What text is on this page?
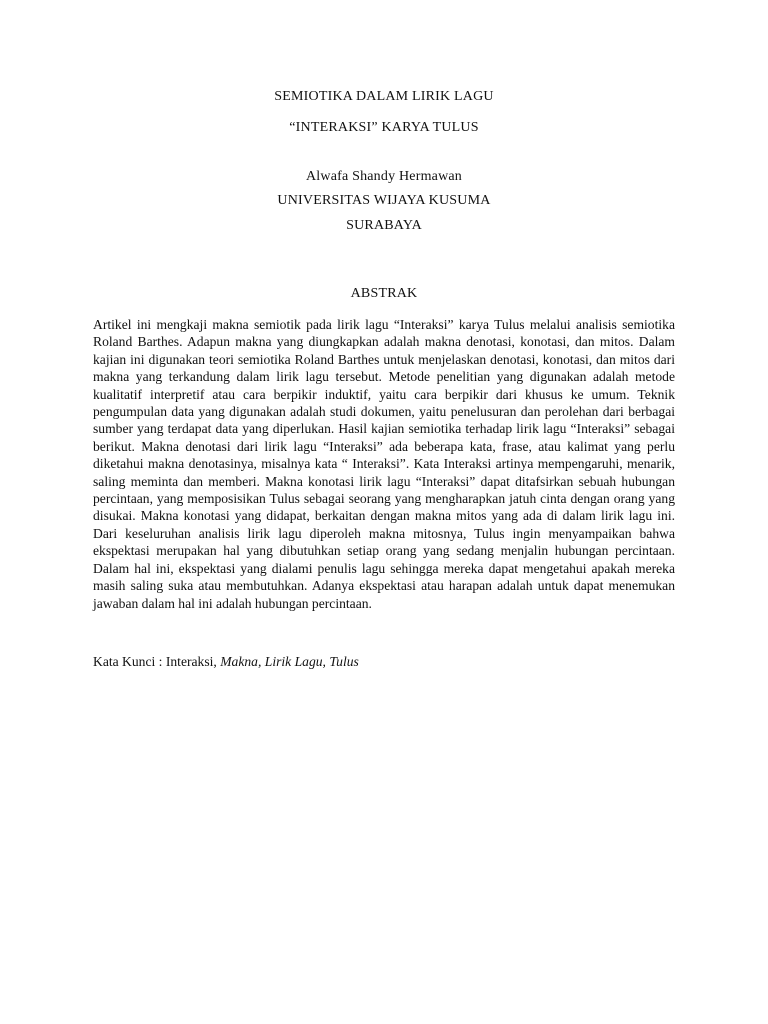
SEMIOTIKA DALAM LIRIK LAGU
“INTERAKSI” KARYA TULUS
Alwafa Shandy Hermawan
UNIVERSITAS WIJAYA KUSUMA
SURABAYA
ABSTRAK
Artikel ini mengkaji makna semiotik pada lirik lagu “Interaksi” karya Tulus melalui analisis semiotika Roland Barthes. Adapun makna yang diungkapkan adalah makna denotasi, konotasi, dan mitos. Dalam kajian ini digunakan teori semiotika Roland Barthes untuk menjelaskan denotasi, konotasi, dan mitos dari makna yang terkandung dalam lirik lagu tersebut. Metode penelitian yang digunakan adalah metode kualitatif interpretif atau cara berpikir induktif, yaitu cara berpikir dari khusus ke umum. Teknik pengumpulan data yang digunakan adalah studi dokumen, yaitu penelusuran dan perolehan dari berbagai sumber yang terdapat data yang diperlukan. Hasil kajian semiotika terhadap lirik lagu “Interaksi” sebagai berikut. Makna denotasi dari lirik lagu “Interaksi” ada beberapa kata, frase, atau kalimat yang perlu diketahui makna denotasinya, misalnya kata “ Interaksi”. Kata Interaksi artinya mempengaruhi, menarik, saling meminta dan memberi. Makna konotasi lirik lagu “Interaksi” dapat ditafsirkan sebuah hubungan percintaan, yang memposisikan Tulus sebagai seorang yang mengharapkan jatuh cinta dengan orang yang disukai. Makna konotasi yang didapat, berkaitan dengan makna mitos yang ada di dalam lirik lagu ini. Dari keseluruhan analisis lirik lagu diperoleh makna mitosnya, Tulus ingin menyampaikan bahwa ekspektasi merupakan hal yang dibutuhkan setiap orang yang sedang menjalin hubungan percintaan. Dalam hal ini, ekspektasi yang dialami penulis lagu sehingga mereka dapat mengetahui apakah mereka masih saling suka atau membutuhkan. Adanya ekspektasi atau harapan adalah untuk dapat menemukan jawaban dalam hal ini adalah hubungan percintaan.
Kata Kunci : Interaksi, Makna, Lirik Lagu, Tulus
